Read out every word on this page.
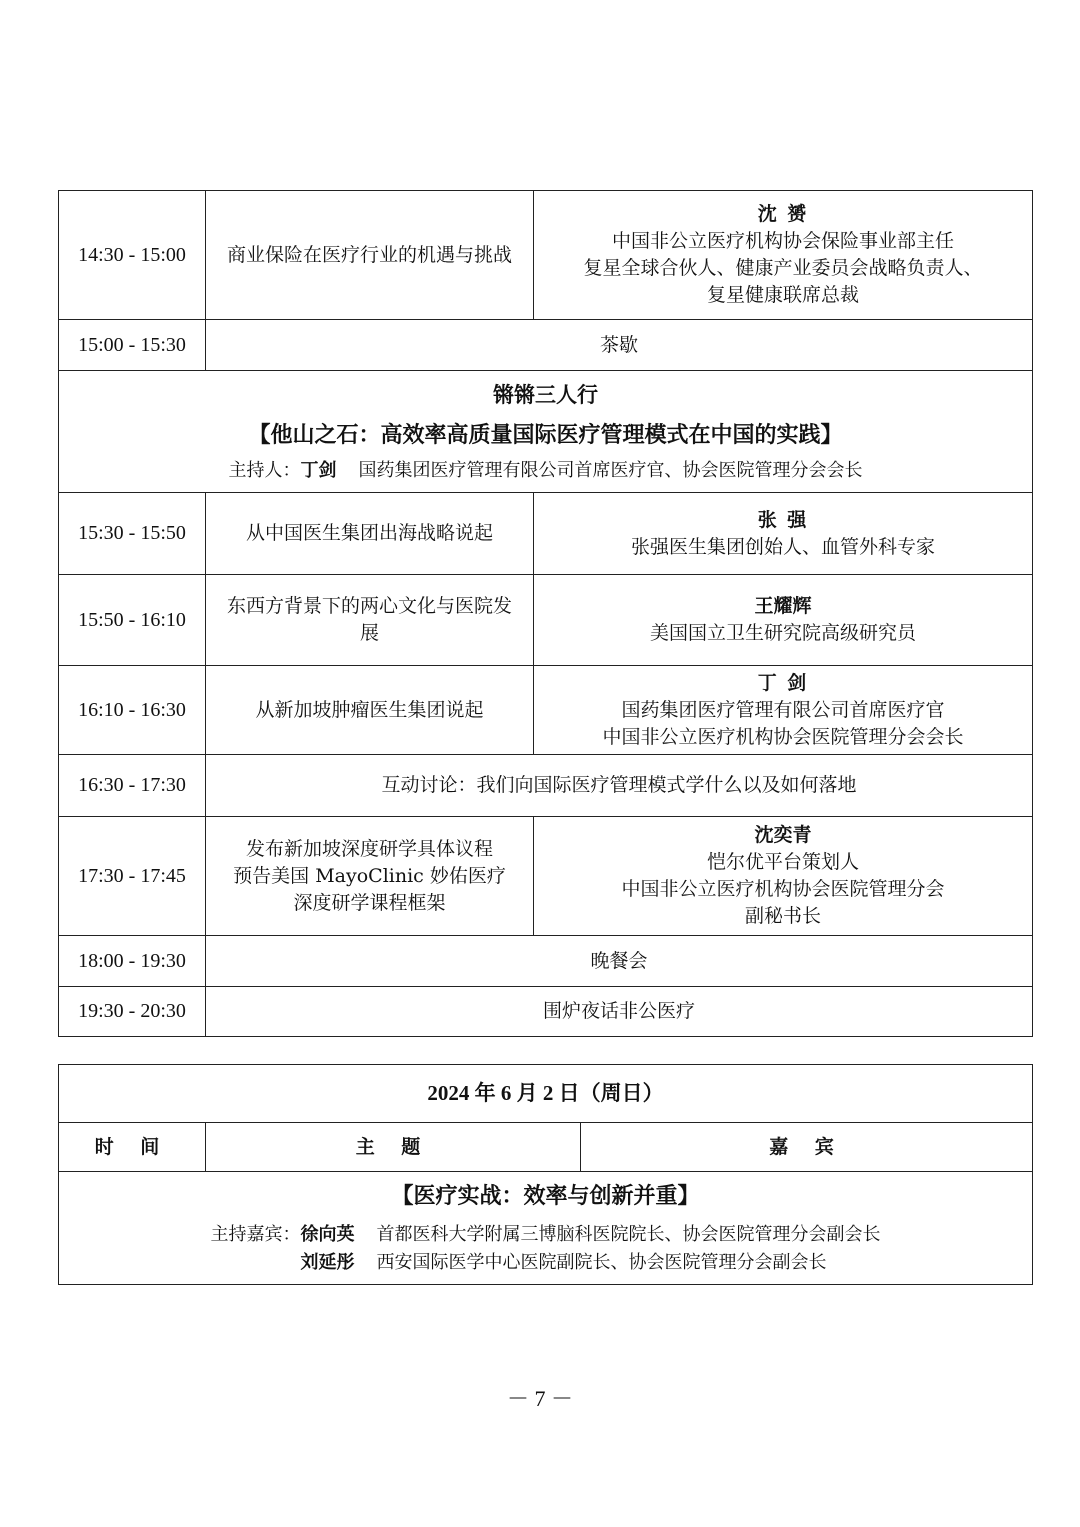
14:30 - 15:00	商业保险在医疗行业的机遇与挑战	沈 赟
中国非公立医疗机构协会保险事业部主任
复星全球合伙人、健康产业委员会战略负责人、
复星健康联席总裁

15:00 - 15:30	茶歇	

锵锵三人行
【他山之石：高效率高质量国际医疗管理模式在中国的实践】
主持人：丁剑 国药集团医疗管理有限公司首席医疗官、协会医院管理分会会长		

15:30 - 15:50	从中国医生集团出海战略说起	张 强
张强医生集团创始人、血管外科专家

15:50 - 16:10	东西方背景下的两心文化与医院发展	王耀辉
美国国立卫生研究院高级研究员

16:10 - 16:30	从新加坡肿瘤医生集团说起	丁 剑
国药集团医疗管理有限公司首席医疗官
中国非公立医疗机构协会医院管理分会会长

16:30 - 17:30	互动讨论：我们向国际医疗管理模式学什么以及如何落地	
17:30 - 17:45	发布新加坡深度研学具体议程
预告美国 MayoClinic 妙佑医疗
深度研学课程框架	沈奕青
恺尔优平台策划人
中国非公立医疗机构协会医院管理分会
副秘书长

18:00 - 19:30	晚餐会	
19:30 - 20:30	围炉夜话非公医疗	
2024 年 6 月 2 日（周日）
时 间	主 题	嘉 宾

【医疗实战：效率与创新并重】
主持嘉宾： 徐向英 首都医科大学附属三博脑科医院院长、协会医院管理分会副会长
刘延彤 西安国际医学中心医院副院长、协会医院管理分会副会长
－ 7 －
